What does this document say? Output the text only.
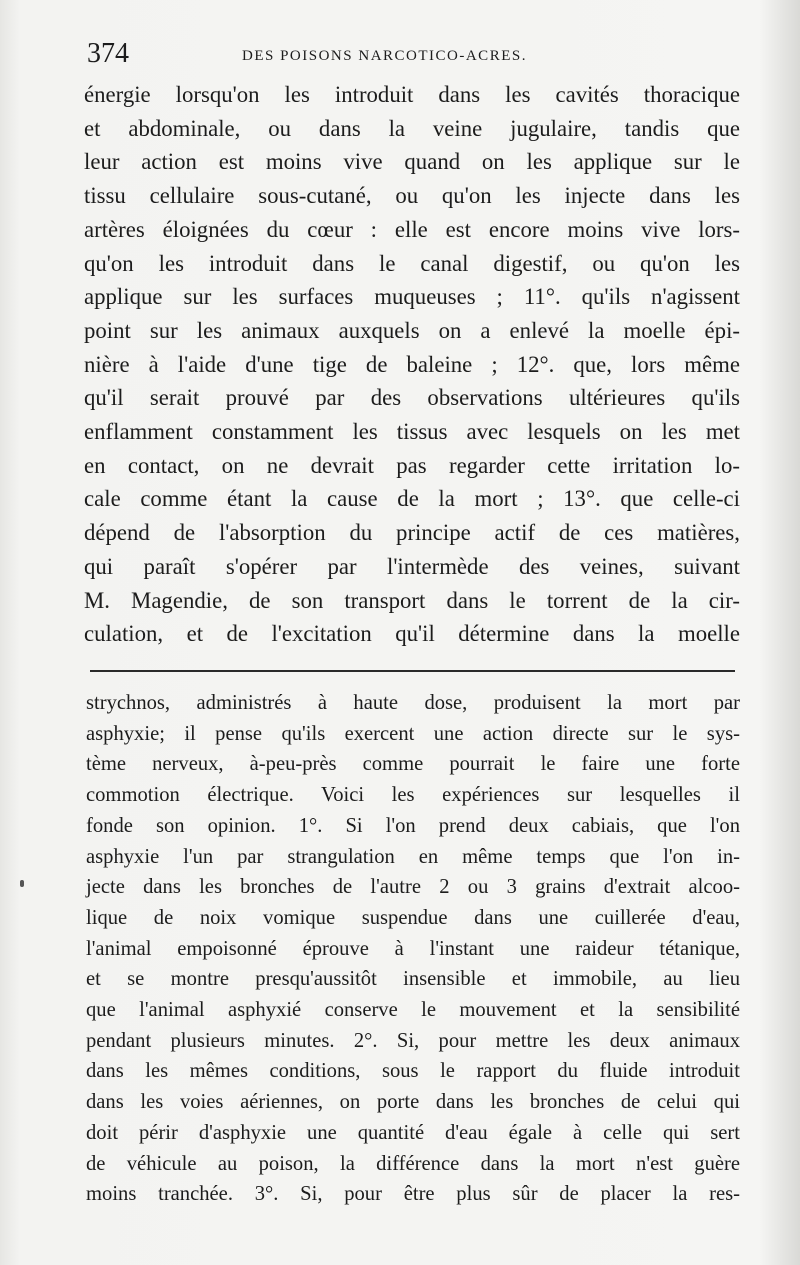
374	DES POISONS NARCOTICO-ACRES.
énergie lorsqu'on les introduit dans les cavités thoracique
et abdominale, ou dans la veine jugulaire, tandis que
leur action est moins vive quand on les applique sur le
tissu cellulaire sous-cutané, ou qu'on les injecte dans les
artères éloignées du cœur : elle est encore moins vive lors-
qu'on les introduit dans le canal digestif, ou qu'on les
applique sur les surfaces muqueuses ; 11°. qu'ils n'agissent
point sur les animaux auxquels on a enlevé la moelle épi-
nière à l'aide d'une tige de baleine ; 12°. que, lors même
qu'il serait prouvé par des observations ultérieures qu'ils
enflamment constamment les tissus avec lesquels on les met
en contact, on ne devrait pas regarder cette irritation lo-
cale comme étant la cause de la mort ; 13°. que celle-ci
dépend de l'absorption du principe actif de ces matières,
qui paraît s'opérer par l'intermède des veines, suivant
M. Magendie, de son transport dans le torrent de la cir-
culation, et de l'excitation qu'il détermine dans la moelle
strychnos, administrés à haute dose, produisent la mort par
asphyxie; il pense qu'ils exercent une action directe sur le sys-
tème nerveux, à-peu-près comme pourrait le faire une forte
commotion électrique. Voici les expériences sur lesquelles il
fonde son opinion. 1°. Si l'on prend deux cabiais, que l'on
asphyxie l'un par strangulation en même temps que l'on in-
jecte dans les bronches de l'autre 2 ou 3 grains d'extrait alcoo-
lique de noix vomique suspendue dans une cuillerée d'eau,
l'animal empoisonné éprouve à l'instant une raideur tétanique,
et se montre presqu'aussitôt insensible et immobile, au lieu
que l'animal asphyxié conserve le mouvement et la sensibilité
pendant plusieurs minutes. 2°. Si, pour mettre les deux animaux
dans les mêmes conditions, sous le rapport du fluide introduit
dans les voies aériennes, on porte dans les bronches de celui qui
doit périr d'asphyxie une quantité d'eau égale à celle qui sert
de véhicule au poison, la différence dans la mort n'est guère
moins tranchée. 3°. Si, pour être plus sûr de placer la res-
